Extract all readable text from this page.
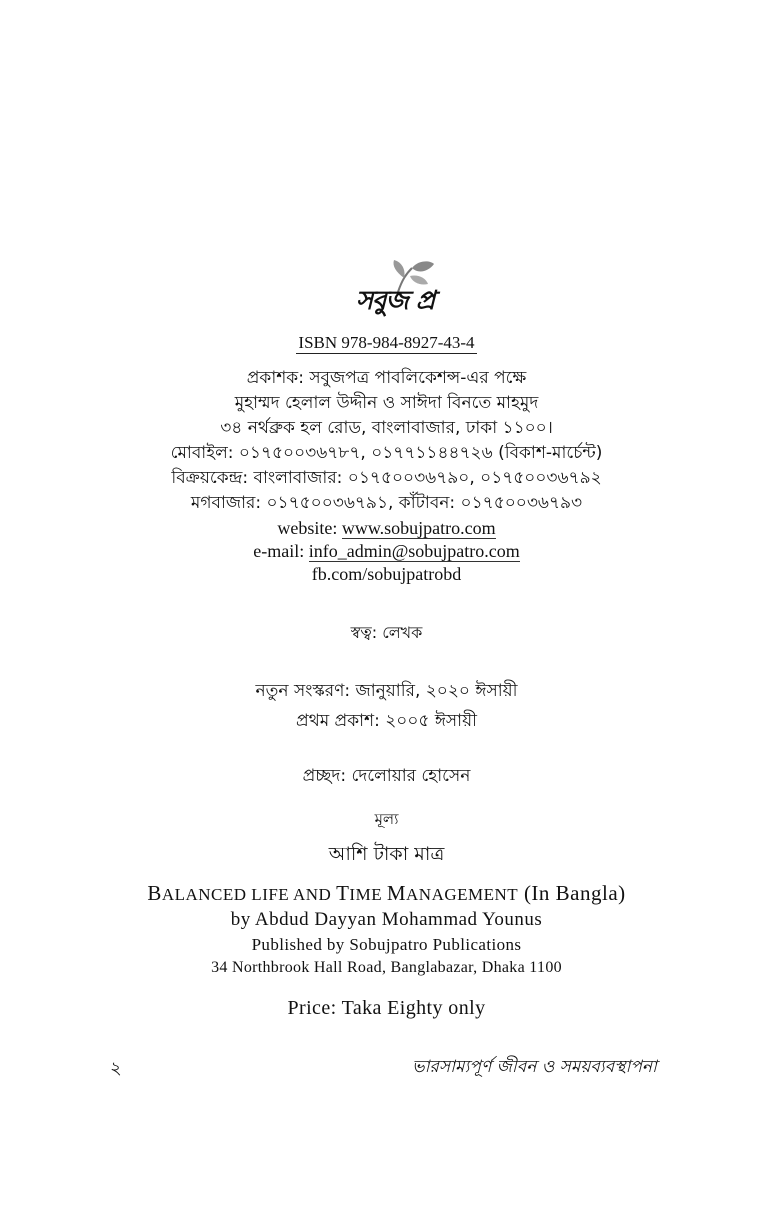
সবুজ প্র
ISBN 978-984-8927-43-4
প্রকাশক: সবুজপত্র পাবলিকেশন্স-এর পক্ষে
মুহাম্মদ হেলাল উদ্দীন ও সাঈদা বিনতে মাহমুদ
৩৪ নর্থব্রুক হল রোড, বাংলাবাজার, ঢাকা ১১০০।
মোবাইল: ০১৭৫০০৩৬৭৮৭, ০১৭৭১১৪৪৭২৬ (বিকাশ-মার্চেন্ট)
বিক্রয়কেন্দ্র: বাংলাবাজার: ০১৭৫০০৩৬৭৯০, ০১৭৫০০৩৬৭৯২
মগবাজার: ০১৭৫০০৩৬৭৯১, কাঁটাবন: ০১৭৫০০৩৬৭৯৩
website: www.sobujpatro.com
e-mail: info_admin@sobujpatro.com
fb.com/sobujpatrobd
স্বত্ব: লেখক
নতুন সংস্করণ: জানুয়ারি, ২০২০ ঈসায়ী
প্রথম প্রকাশ: ২০০৫ ঈসায়ী
প্রচ্ছদ: দেলোয়ার হোসেন
মূল্য
আশি টাকা মাত্র
BALANCED LIFE AND TIME MANAGEMENT (In Bangla)
by Abdud Dayyan Mohammad Younus
Published by Sobujpatro Publications
34 Northbrook Hall Road, Banglabazar, Dhaka 1100
Price: Taka Eighty only
২	ভারসাম্যপূর্ণ জীবন ও সময়ব্যবস্থাপনা
